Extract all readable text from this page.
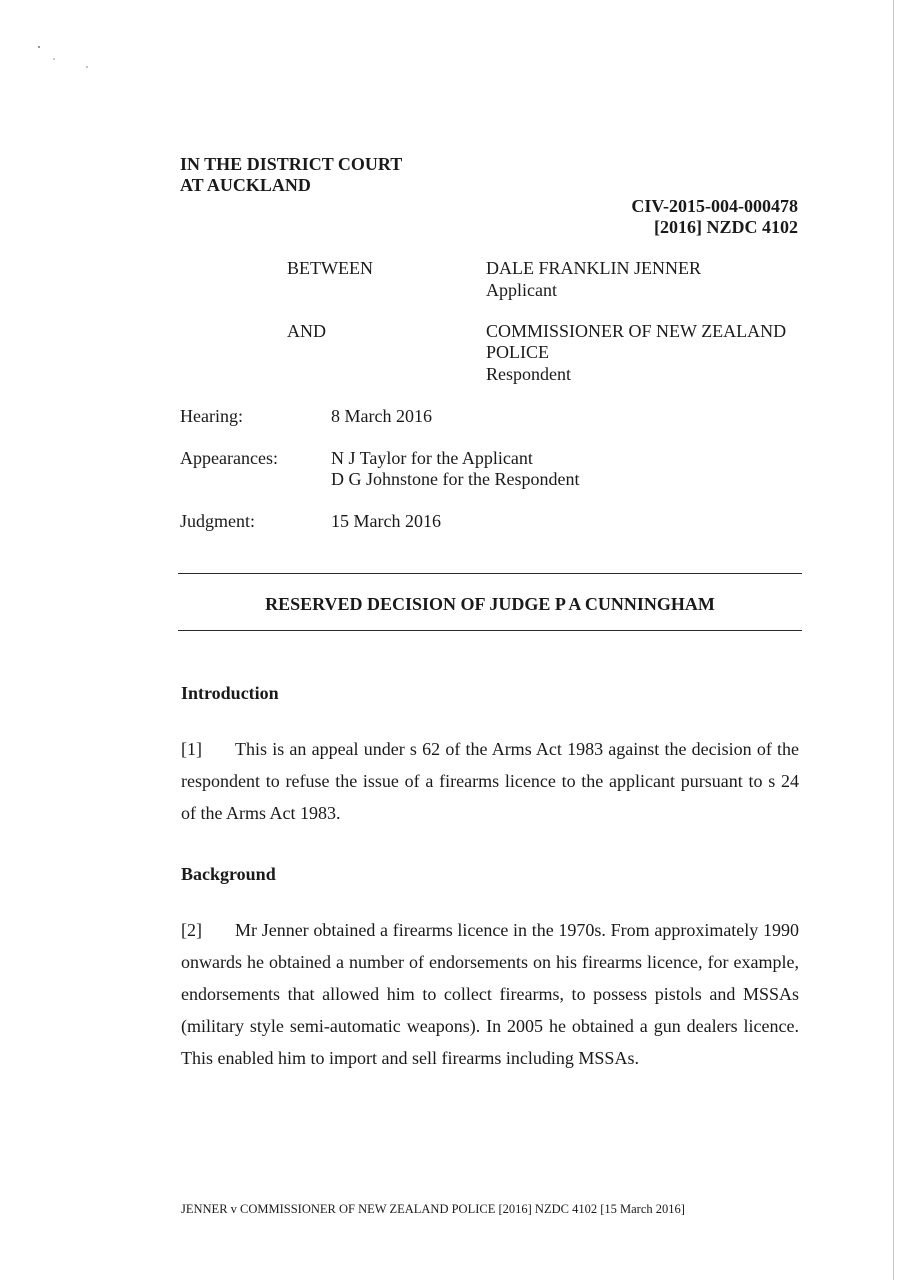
IN THE DISTRICT COURT
AT AUCKLAND
CIV-2015-004-000478
[2016] NZDC 4102
BETWEEN	DALE FRANKLIN JENNER
Applicant
AND	COMMISSIONER OF NEW ZEALAND
POLICE
Respondent
Hearing:	8 March 2016
Appearances:	N J Taylor for the Applicant
D G Johnstone for the Respondent
Judgment:	15 March 2016
RESERVED DECISION OF JUDGE P A CUNNINGHAM
Introduction
[1] This is an appeal under s 62 of the Arms Act 1983 against the decision of the respondent to refuse the issue of a firearms licence to the applicant pursuant to s 24 of the Arms Act 1983.
Background
[2] Mr Jenner obtained a firearms licence in the 1970s. From approximately 1990 onwards he obtained a number of endorsements on his firearms licence, for example, endorsements that allowed him to collect firearms, to possess pistols and MSSAs (military style semi-automatic weapons). In 2005 he obtained a gun dealers licence. This enabled him to import and sell firearms including MSSAs.
JENNER v COMMISSIONER OF NEW ZEALAND POLICE [2016] NZDC 4102 [15 March 2016]
